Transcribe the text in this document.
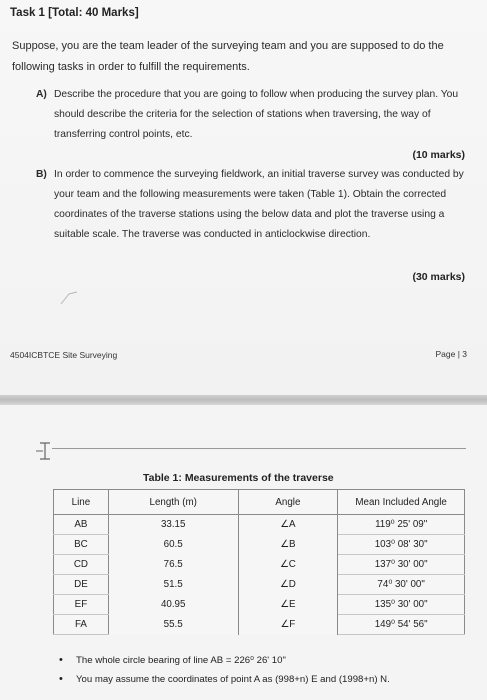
Task 1 [Total: 40 Marks]
Suppose, you are the team leader of the surveying team and you are supposed to do the following tasks in order to fulfill the requirements.
A) Describe the procedure that you are going to follow when producing the survey plan. You should describe the criteria for the selection of stations when traversing, the way of transferring control points, etc.
(10 marks)
B) In order to commence the surveying fieldwork, an initial traverse survey was conducted by your team and the following measurements were taken (Table 1). Obtain the corrected coordinates of the traverse stations using the below data and plot the traverse using a suitable scale. The traverse was conducted in anticlockwise direction.
(30 marks)
4504ICBTCE Site Surveying	Page | 3
Table 1: Measurements of the traverse
Line	Length (m)	Angle	Mean Included Angle
AB	33.15	∠A	119⁰ 25' 09"
BC	60.5	∠B	103⁰ 08' 30"
CD	76.5	∠C	137⁰ 30' 00"
DE	51.5	∠D	74⁰ 30' 00"
EF	40.95	∠E	135⁰ 30' 00"
FA	55.5	∠F	149⁰ 54' 56"
• The whole circle bearing of line AB = 226⁰ 26' 10"
• You may assume the coordinates of point A as (998+n) E and (1998+n) N.
